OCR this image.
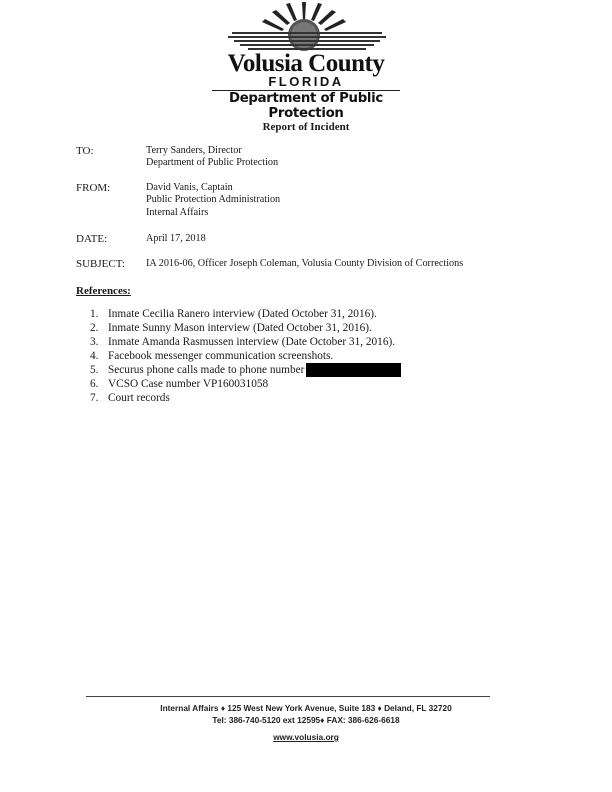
Volusia County
FLORIDA
Department of Public Protection
Report of Incident
TO:	Terry Sanders, Director
Department of Public Protection
FROM:	David Vanis, Captain
Public Protection Administration
Internal Affairs
DATE:	April 17, 2018
SUBJECT: IA 2016-06, Officer Joseph Coleman, Volusia County Division of Corrections
References:
1. Inmate Cecilia Ranero interview (Dated October 31, 2016).
2. Inmate Sunny Mason interview (Dated October 31, 2016).
3. Inmate Amanda Rasmussen interview (Date October 31, 2016).
4. Facebook messenger communication screenshots.
5. Securus phone calls made to phone number
6. VCSO Case number VP160031058
7. Court records
Internal Affairs ♦ 125 West New York Avenue, Suite 183 ♦ Deland, FL 32720
Tel: 386-740-5120 ext 12595♦ FAX: 386-626-6618
www.volusia.org
